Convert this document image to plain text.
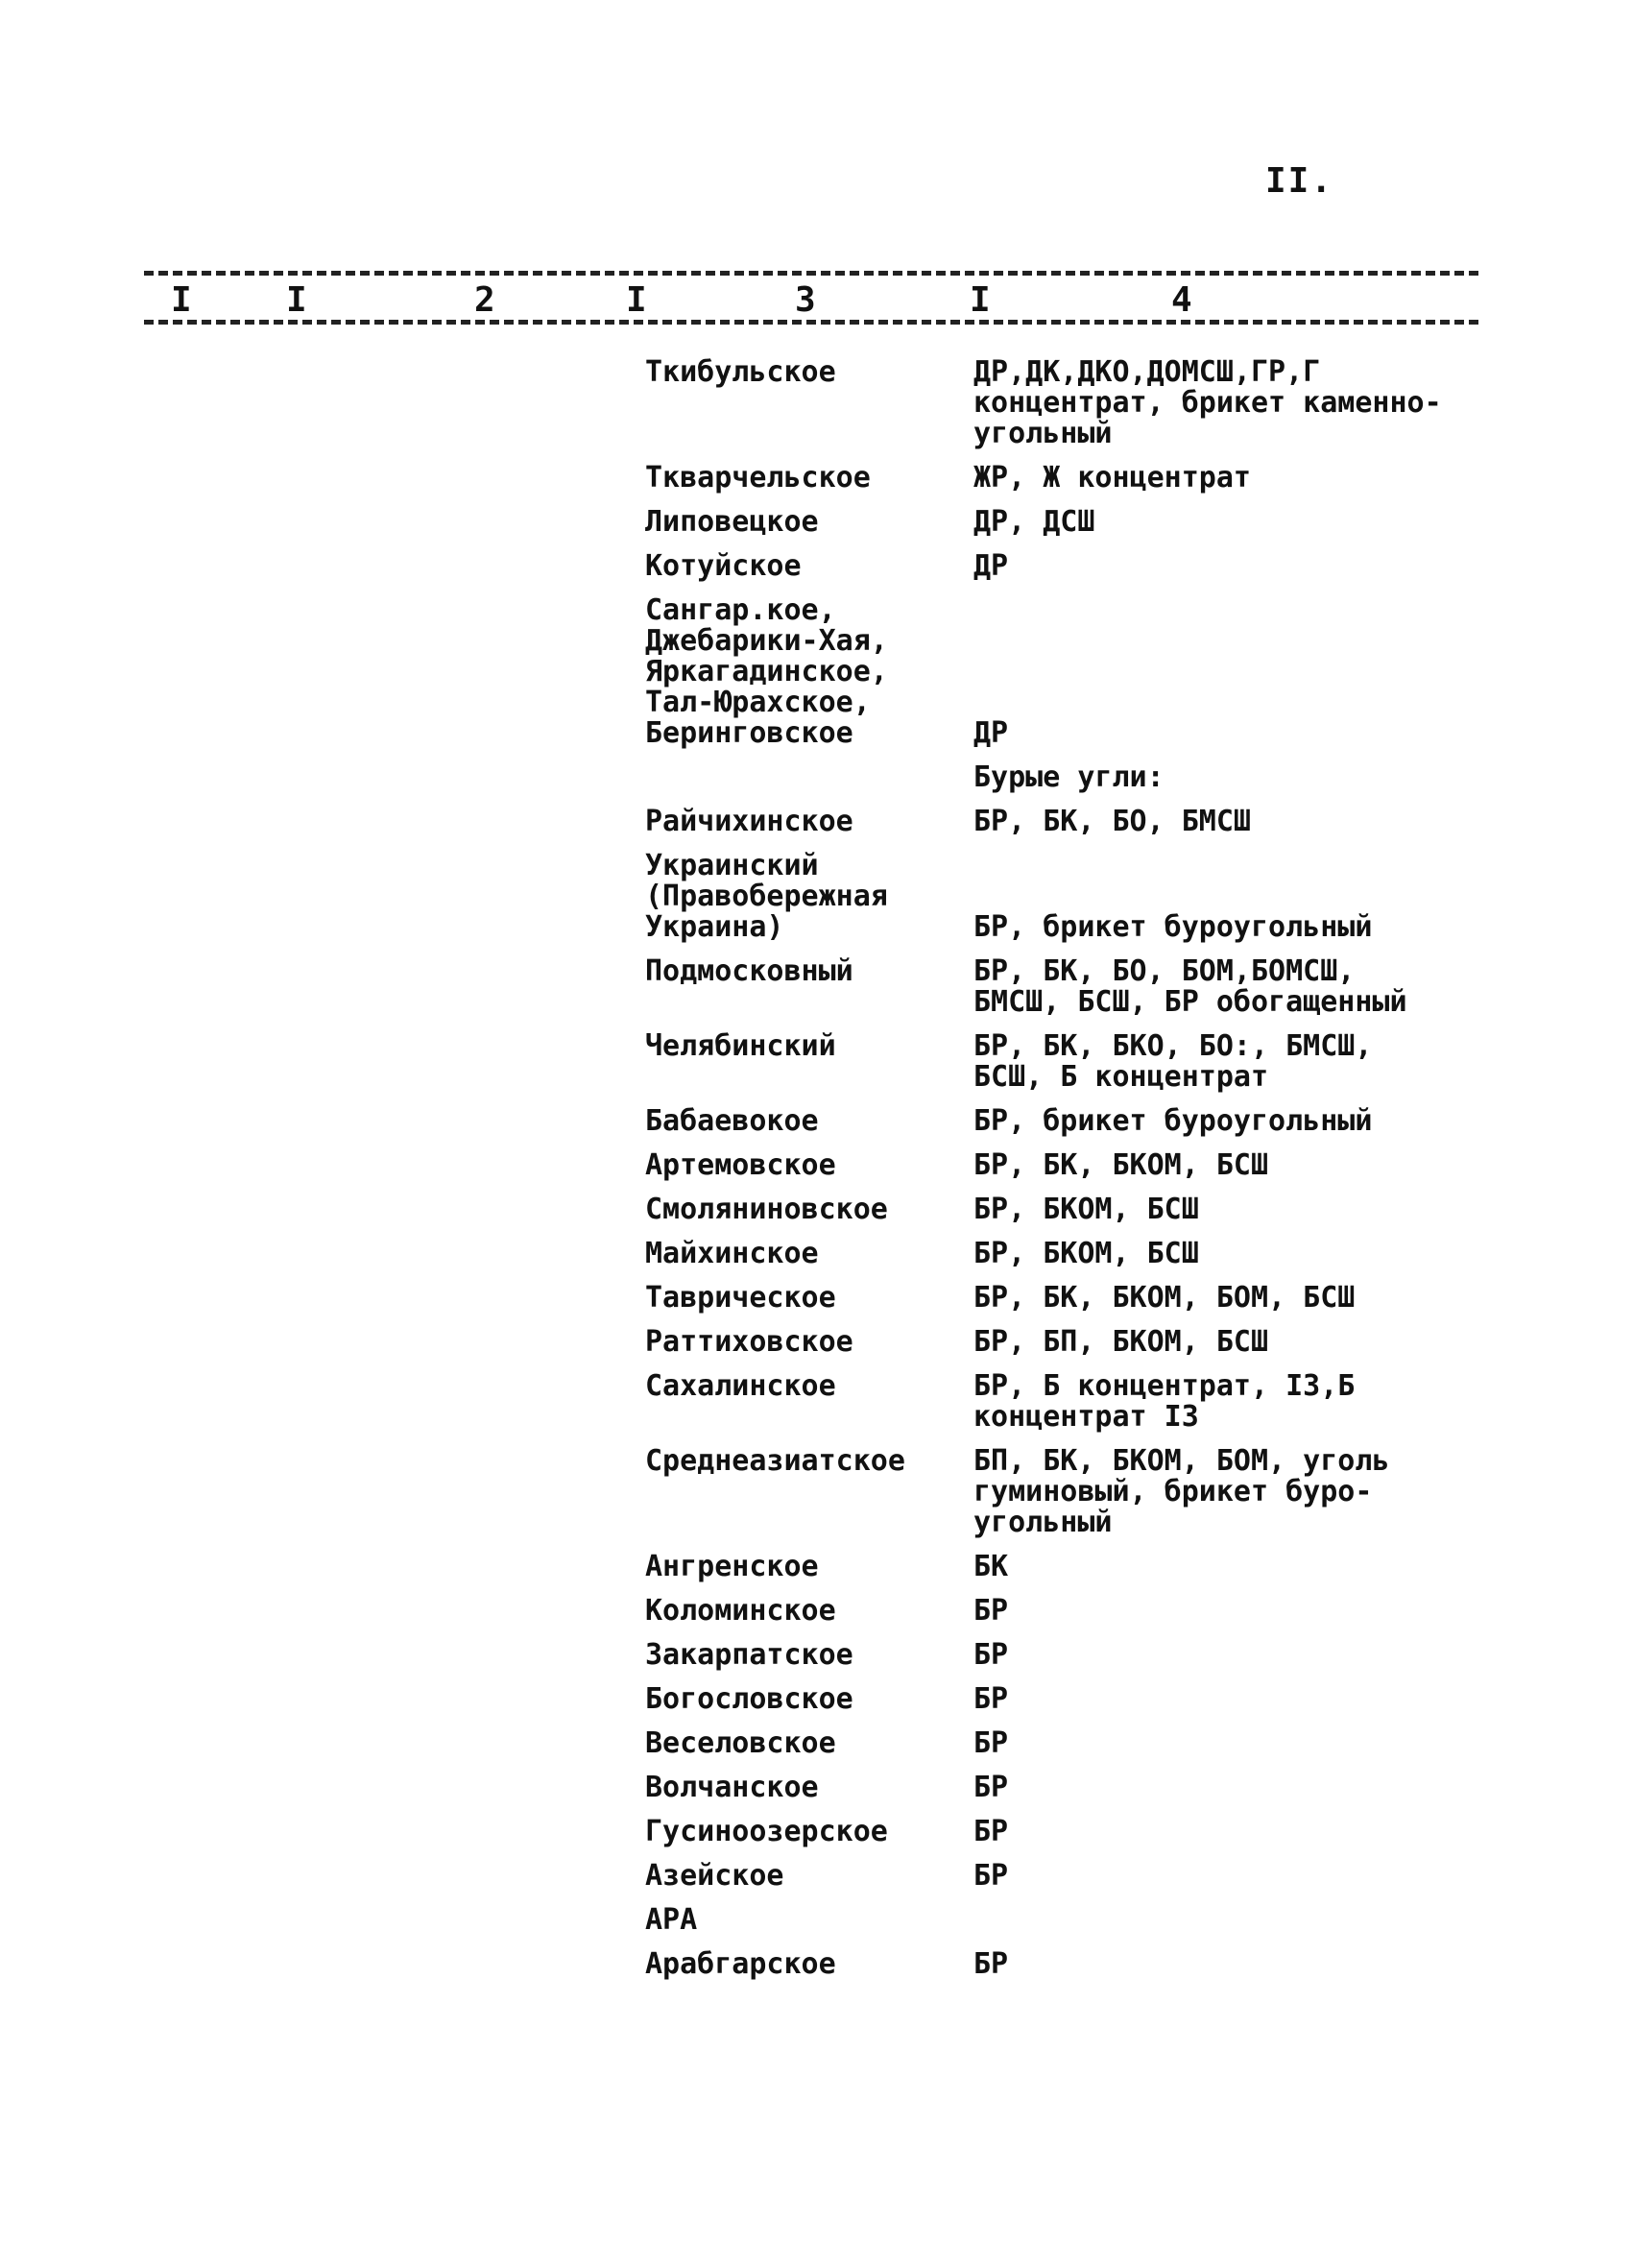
II.
I	I	2	I	3	I	4
Ткибульское	ДР,ДК,ДКО,ДОМСШ,ГР,Г
концентрат, брикет каменно-
угольный
Ткварчельское	ЖР, Ж концентрат
Липовецкое	ДР, ДСШ
Котуйское	ДР
Сангар.кое,
Джебарики-Хая,
Яркагадинское,
Тал-Юрахское,
Беринговское	ДР
Бурые угли:
Райчихинское	БР, БК, БО, БМСШ
Украинский
(Правобережная
Украина)	БР, брикет буроугольный
Подмосковный	БР, БК, БО, БОМ,БОМСШ,
БМСШ, БСШ, БР обогащенный
Челябинский	БР, БК, БКО, БО:, БМСШ,
БСШ, Б концентрат
Бабаевокое	БР, брикет буроугольный
Артемовское	БР, БК, БКОМ, БСШ
Смоляниновское	БР, БКОМ, БСШ
Майхинское	БР, БКОМ, БСШ
Таврическое	БР, БК, БКОМ, БОМ, БСШ
Раттиховское	БР, БП, БКОМ, БСШ
Сахалинское	БР, Б концентрат, I3,Б
концентрат I3
Среднеазиатское	БП, БК, БКОМ, БОМ, уголь
гуминовый, брикет буро-
угольный
Ангренское	БК
Коломинское	БР
Закарпатское	БР
Богословское	БР
Веселовское	БР
Волчанское	БР
Гусиноозерское	БР
Азейское	БР
АРА
Арабгарское	БР
